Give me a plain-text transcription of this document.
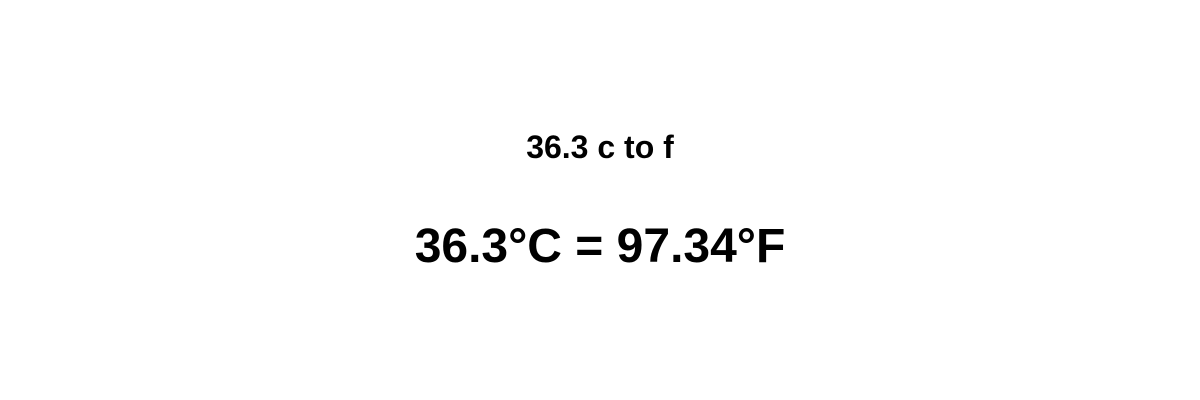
36.3 c to f
36.3°C = 97.34°F
